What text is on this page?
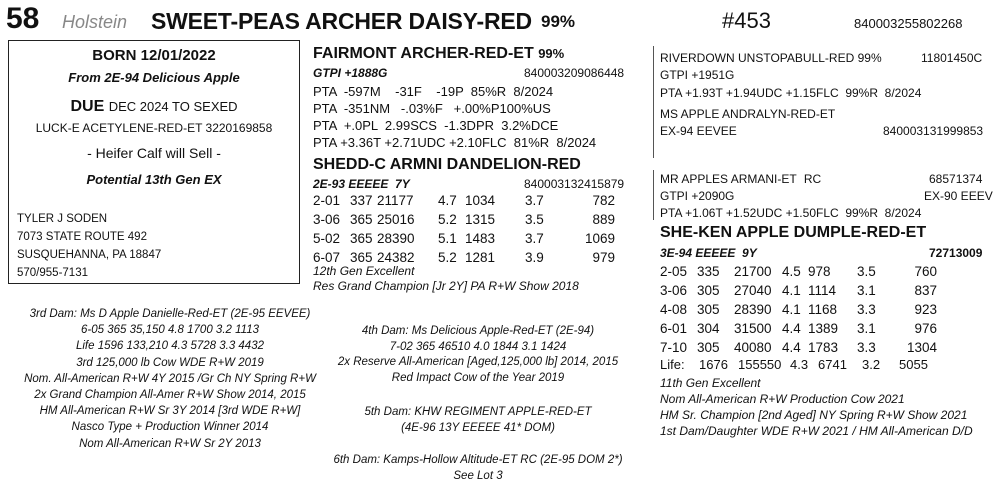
58 Holstein SWEET-PEAS ARCHER DAISY-RED 99%	#453	840003255802268
BORN 12/01/2022
From 2E-94 Delicious Apple
DUE DEC 2024 TO SEXED
LUCK-E ACETYLENE-RED-ET 3220169858
- Heifer Calf will Sell -
Potential 13th Gen EX
TYLER J SODEN
7073 STATE ROUTE 492
SUSQUEHANNA, PA 18847
570/955-7131
FAIRMONT ARCHER-RED-ET 99%
GTPI +1888G	840003209086448
PTA  -597M    -31F    -19P  85%R  8/2024
PTA  -351NM   -.03%F   +.00%P100%US
PTA  +.0PL  2.99SCS  -1.3DPR  3.2%DCE
PTA +3.36T +2.71UDC +2.10FLC  81%R  8/2024
SHEDD-C ARMNI DANDELION-RED
2E-93 EEEEE  7Y	840003132415879
2-01	337	21177	4.7	1034	3.7	782
3-06	365	25016	5.2	1315	3.5	889
5-02	365	28390	5.1	1483	3.7	1069
6-07	365	24382	5.2	1281	3.9	979
12th Gen Excellent
Res Grand Champion [Jr 2Y] PA R+W Show 2018
RIVERDOWN UNSTOPABULL-RED 99%	11801450C
GTPI +1951G
PTA +1.93T +1.94UDC +1.15FLC  99%R  8/2024
MS APPLE ANDRALYN-RED-ET
EX-94 EEVEE	840003131999853
MR APPLES ARMANI-ET RC	68571374
GTPI +2090G	EX-90 EEEV
PTA +1.06T +1.52UDC +1.50FLC  99%R  8/2024
SHE-KEN APPLE DUMPLE-RED-ET
3E-94 EEEEE  9Y	72713009
2-05	335	21700	4.5	978	3.5	760
3-06	305	27040	4.1	1114	3.1	837
4-08	305	28390	4.1	1168	3.3	923
6-01	304	31500	4.4	1389	3.1	976
7-10	305	40080	4.4	1783	3.3	1304
Life: 1676 155550 4.3 6741 3.2 5055
11th Gen Excellent
Nom All-American R+W Production Cow 2021
HM Sr. Champion [2nd Aged] NY Spring R+W Show 2021
1st Dam/Daughter WDE R+W 2021 / HM All-American D/D
3rd Dam: Ms D Apple Danielle-Red-ET (2E-95 EEVEE)
6-05 365 35,150 4.8 1700 3.2 1113
Life 1596 133,210 4.3 5728 3.3 4432
3rd 125,000 lb Cow WDE R+W 2019
Nom. All-American R+W 4Y 2015 /Gr Ch NY Spring R+W
2x Grand Champion All-Amer R+W Show 2014, 2015
HM All-American R+W Sr 3Y 2014 [3rd WDE R+W]
Nasco Type + Production Winner 2014
Nom All-American R+W Sr 2Y 2013
4th Dam: Ms Delicious Apple-Red-ET (2E-94)
7-02 365 46510 4.0 1844 3.1 1424
2x Reserve All-American [Aged,125,000 lb] 2014, 2015
Red Impact Cow of the Year 2019
5th Dam: KHW REGIMENT APPLE-RED-ET
(4E-96 13Y EEEEE 41* DOM)
6th Dam: Kamps-Hollow Altitude-ET RC (2E-95 DOM 2*)
See Lot 3
